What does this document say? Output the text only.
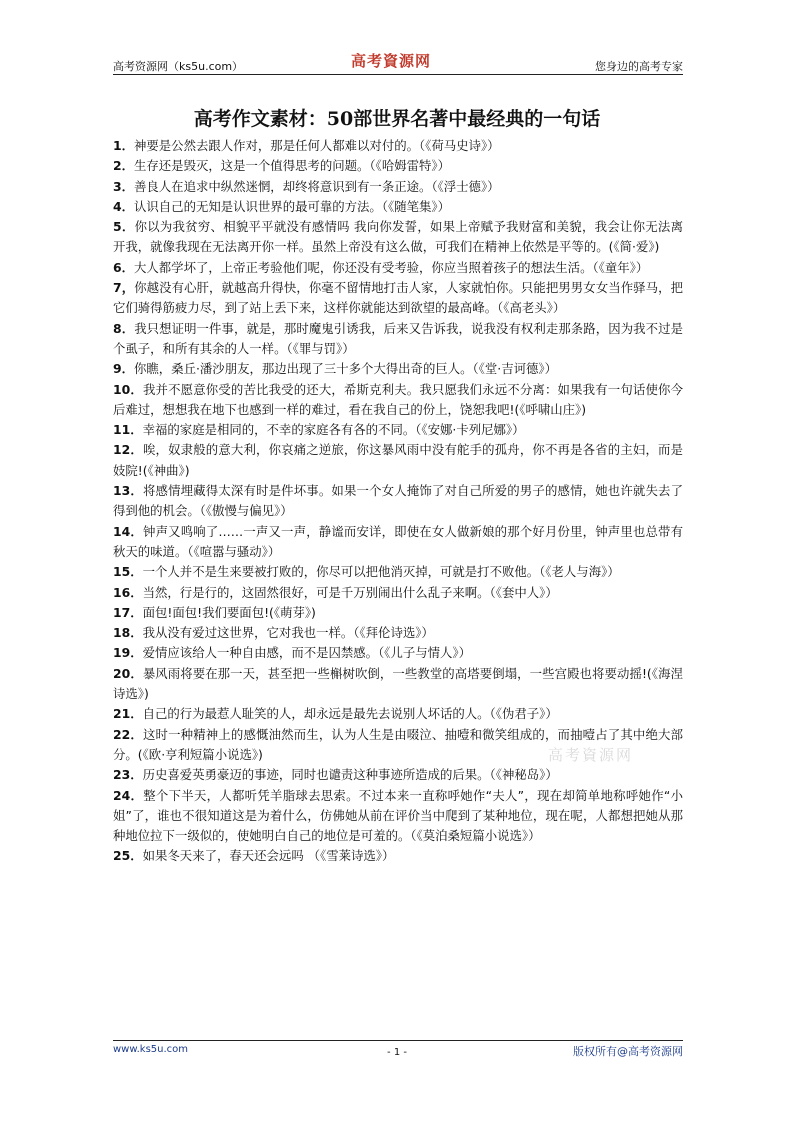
高考资源网（ks5u.com）	高考資源网	您身边的高考专家
高考作文素材：50部世界名著中最经典的一句话

1．神要是公然去跟人作对，那是任何人都难以对付的。（《荷马史诗》）

2．生存还是毁灭，这是一个值得思考的问题。（《哈姆雷特》）

3．善良人在追求中纵然迷惘，却终将意识到有一条正途。（《浮士德》）

4．认识自己的无知是认识世界的最可靠的方法。（《随笔集》）

5．你以为我贫穷、相貌平平就没有感情吗 我向你发誓，如果上帝赋予我财富和美貌，我会让你无法离开我，就像我现在无法离开你一样。虽然上帝没有这么做，可我们在精神上依然是平等的。(《简·爱》)

6．大人都学坏了，上帝正考验他们呢，你还没有受考验，你应当照着孩子的想法生活。（《童年》）

7，你越没有心肝，就越高升得快，你毫不留情地打击人家，人家就怕你。只能把男男女女当作驿马，把它们骑得筋疲力尽，到了站上丢下来，这样你就能达到欲望的最高峰。（《高老头》）

8．我只想证明一件事，就是，那时魔鬼引诱我，后来又告诉我，说我没有权利走那条路，因为我不过是个虱子，和所有其余的人一样。（《罪与罚》）

9．你瞧，桑丘·潘沙朋友，那边出现了三十多个大得出奇的巨人。（《堂·吉诃德》）

10．我并不愿意你受的苦比我受的还大，希斯克利夫。我只愿我们永远不分离：如果我有一句话使你今后难过，想想我在地下也感到一样的难过，看在我自己的份上，饶恕我吧!(《呼啸山庄》)

11．幸福的家庭是相同的，不幸的家庭各有各的不同。（《安娜·卡列尼娜》）

12．唉，奴隶般的意大利，你哀痛之逆旅，你这暴风雨中没有舵手的孤舟，你不再是各省的主妇，而是妓院!(《神曲》)

13．将感情埋藏得太深有时是件坏事。如果一个女人掩饰了对自己所爱的男子的感情，她也许就失去了得到他的机会。（《傲慢与偏见》）

14．钟声又鸣响了……一声又一声，静谧而安详，即使在女人做新娘的那个好月份里，钟声里也总带有秋天的味道。（《喧嚣与骚动》）

15．一个人并不是生来要被打败的，你尽可以把他消灭掉，可就是打不败他。（《老人与海》）

16．当然，行是行的，这固然很好，可是千万别闹出什么乱子来啊。（《套中人》）

17．面包!面包!我们要面包!(《萌芽》)

18．我从没有爱过这世界，它对我也一样。（《拜伦诗选》）

19．爱情应该给人一种自由感，而不是囚禁感。（《儿子与情人》）

20．暴风雨将要在那一天，甚至把一些槲树吹倒，一些教堂的高塔要倒塌，一些宫殿也将要动摇!(《海涅诗选》)

21．自己的行为最惹人耻笑的人，却永远是最先去说别人坏话的人。（《伪君子》）

22．这时一种精神上的感慨油然而生，认为人生是由啜泣、抽噎和微笑组成的，而抽噎占了其中绝大部分。(《欧·亨利短篇小说选》)

23．历史喜爱英勇豪迈的事迹，同时也谴责这种事迹所造成的后果。（《神秘岛》）

24．整个下半天，人都听凭羊脂球去思索。不过本来一直称呼她作“夫人”，现在却简单地称呼她作“小姐”了，谁也不很知道这是为着什么，仿佛她从前在评价当中爬到了某种地位，现在呢，人都想把她从那种地位拉下一级似的，使她明白自己的地位是可羞的。（《莫泊桑短篇小说选》）

25．如果冬天来了，春天还会远吗 （《雪莱诗选》）

高考資源网
www.ks5u.com	- 1 -	版权所有@高考资源网
